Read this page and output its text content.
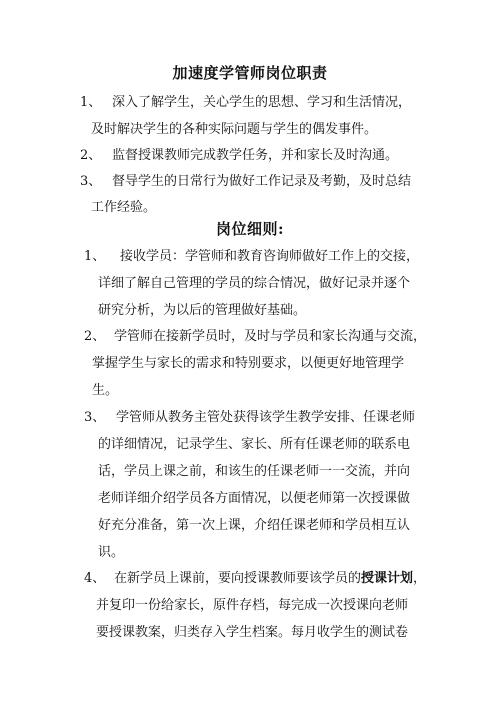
加速度学管师岗位职责
1、 深入了解学生，关心学生的思想、学习和生活情况，
及时解决学生的各种实际问题与学生的偶发事件。
2、 监督授课教师完成教学任务，并和家长及时沟通。
3、 督导学生的日常行为做好工作记录及考勤，及时总结
工作经验。
岗位细则:
1、 接收学员：学管师和教育咨询师做好工作上的交接，
详细了解自己管理的学员的综合情况，做好记录并逐个
研究分析，为以后的管理做好基础。
2、 学管师在接新学员时，及时与学员和家长沟通与交流，
掌握学生与家长的需求和特别要求，以便更好地管理学
生。
3、 学管师从教务主管处获得该学生教学安排、任课老师
的详细情况，记录学生、家长、所有任课老师的联系电
话，学员上课之前，和该生的任课老师一一交流，并向
老师详细介绍学员各方面情况，以便老师第一次授课做
好充分准备，第一次上课，介绍任课老师和学员相互认
识。
4、 在新学员上课前，要向授课教师要该学员的授课计划，
并复印一份给家长，原件存档，每完成一次授课向老师
要授课教案，归类存入学生档案。每月收学生的测试卷
